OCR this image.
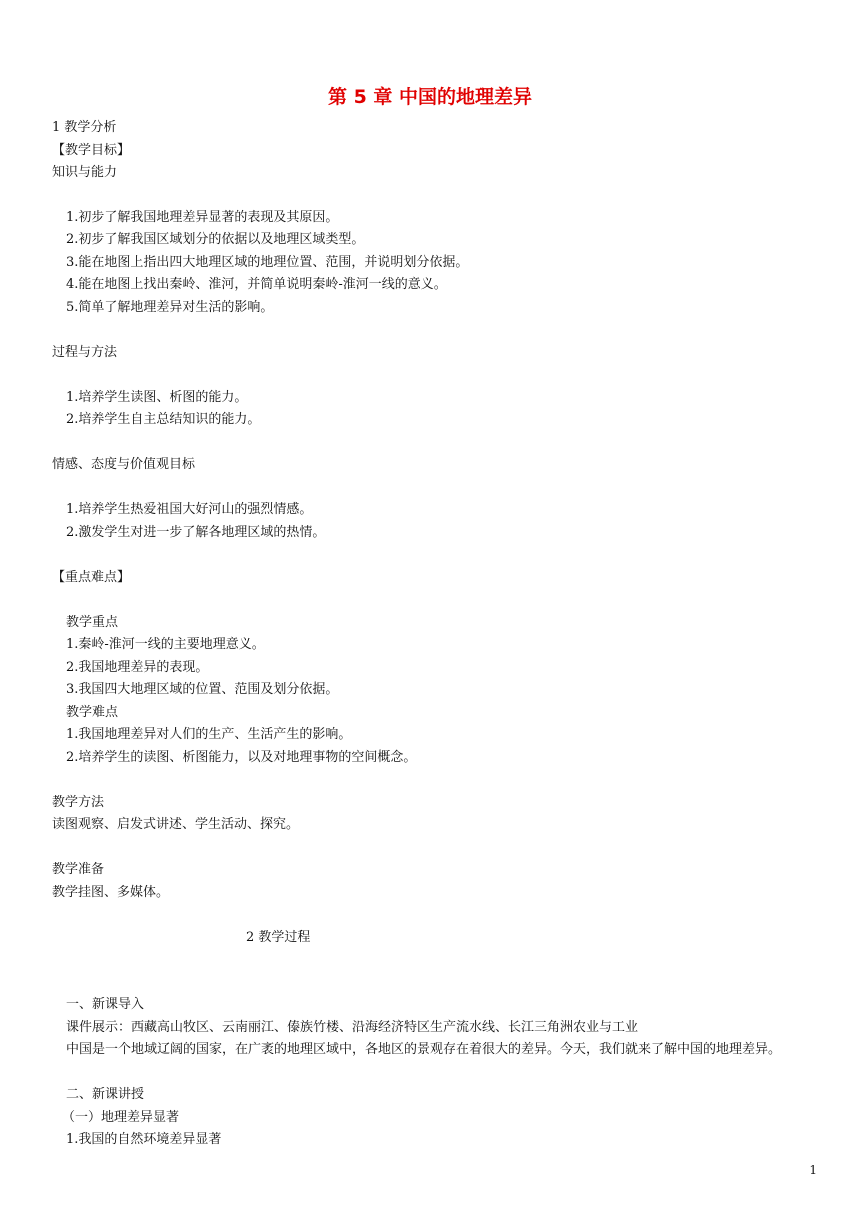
第 5 章 中国的地理差异
1 教学分析
【教学目标】
知识与能力
1.初步了解我国地理差异显著的表现及其原因。
2.初步了解我国区域划分的依据以及地理区域类型。
3.能在地图上指出四大地理区域的地理位置、范围，并说明划分依据。
4.能在地图上找出秦岭、淮河，并简单说明秦岭-淮河一线的意义。
5.简单了解地理差异对生活的影响。
过程与方法
1.培养学生读图、析图的能力。
2.培养学生自主总结知识的能力。
情感、态度与价值观目标
1.培养学生热爱祖国大好河山的强烈情感。
2.激发学生对进一步了解各地理区域的热情。
【重点难点】
教学重点
1.秦岭-淮河一线的主要地理意义。
2.我国地理差异的表现。
3.我国四大地理区域的位置、范围及划分依据。
教学难点
1.我国地理差异对人们的生产、生活产生的影响。
2.培养学生的读图、析图能力，以及对地理事物的空间概念。
教学方法
读图观察、启发式讲述、学生活动、探究。
教学准备
教学挂图、多媒体。
2 教学过程
一、新课导入
课件展示：西藏高山牧区、云南丽江、傣族竹楼、沿海经济特区生产流水线、长江三角洲农业与工业
中国是一个地域辽阔的国家，在广袤的地理区域中，各地区的景观存在着很大的差异。今天，我们就来了解中国的地理差异。
二、新课讲授
（一）地理差异显著
1.我国的自然环境差异显著
1
